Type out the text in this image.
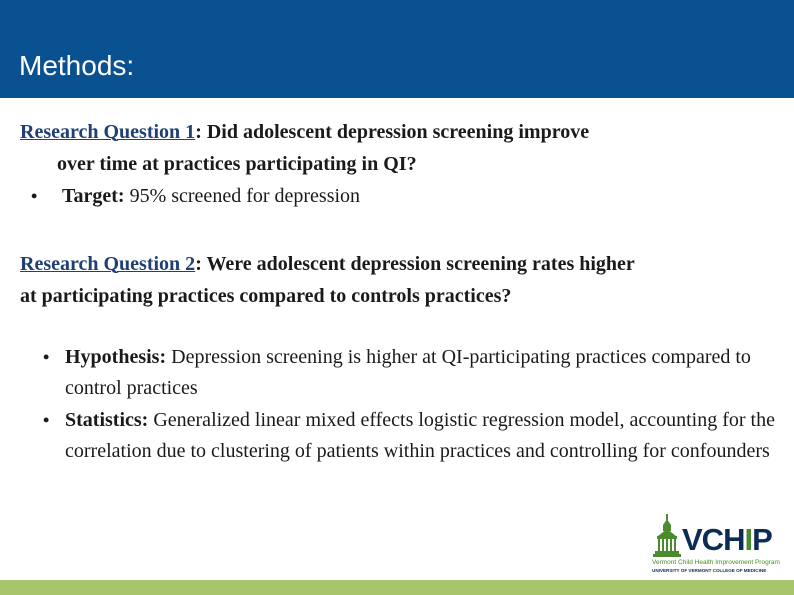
Methods:
Research Question 1: Did adolescent depression screening improve
over time at practices participating in QI?
• Target: 95% screened for depression
Research Question 2: Were adolescent depression screening rates higher
at participating practices compared to controls practices?
• Hypothesis: Depression screening is higher at QI-participating practices compared to control practices
• Statistics: Generalized linear mixed effects logistic regression model, accounting for the correlation due to clustering of patients within practices and controlling for confounders
VCHIP
Vermont Child Health Improvement Program
UNIVERSITY OF VERMONT COLLEGE OF MEDICINE
